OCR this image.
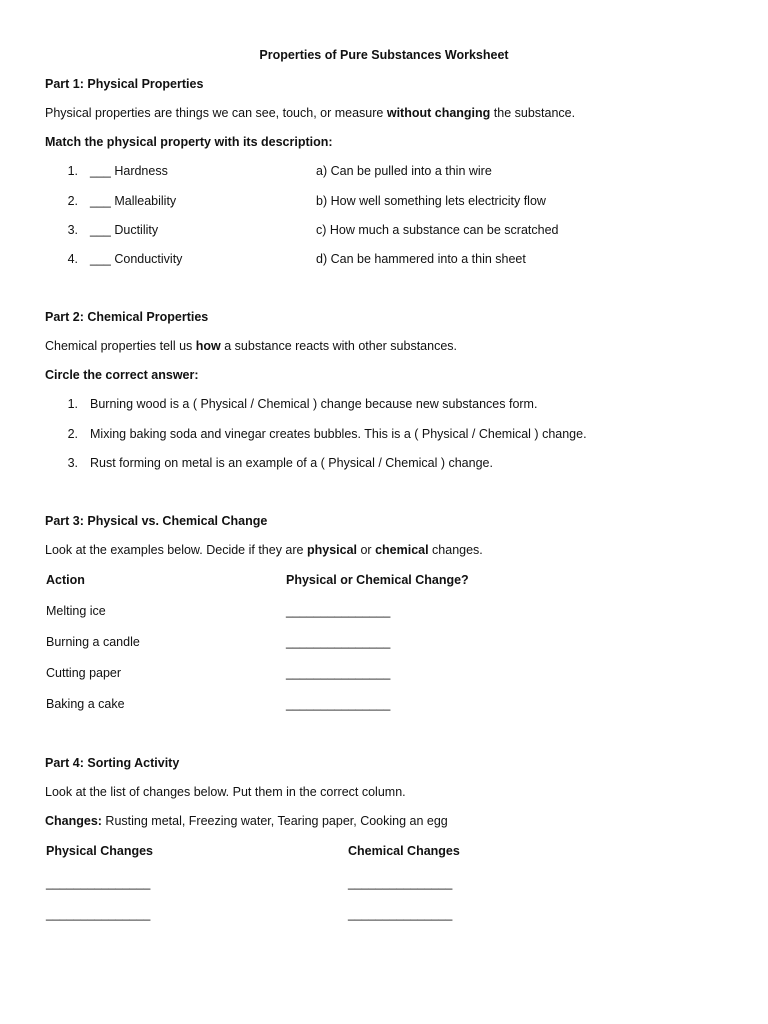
Properties of Pure Substances Worksheet
Part 1: Physical Properties
Physical properties are things we can see, touch, or measure without changing the substance.
Match the physical property with its description:
1. ___ Hardness	a) Can be pulled into a thin wire
2. ___ Malleability	b) How well something lets electricity flow
3. ___ Ductility	c) How much a substance can be scratched
4. ___ Conductivity	d) Can be hammered into a thin sheet
Part 2: Chemical Properties
Chemical properties tell us how a substance reacts with other substances.
Circle the correct answer:
1. Burning wood is a ( Physical / Chemical ) change because new substances form.
2. Mixing baking soda and vinegar creates bubbles. This is a ( Physical / Chemical ) change.
3. Rust forming on metal is an example of a ( Physical / Chemical ) change.
Part 3: Physical vs. Chemical Change
Look at the examples below. Decide if they are physical or chemical changes.
Action	Physical or Chemical Change?
Melting ice	_______________
Burning a candle	_______________
Cutting paper	_______________
Baking a cake	_______________
Part 4: Sorting Activity
Look at the list of changes below. Put them in the correct column.
Changes: Rusting metal, Freezing water, Tearing paper, Cooking an egg
Physical Changes	Chemical Changes
_______________	_______________
_______________	_______________
